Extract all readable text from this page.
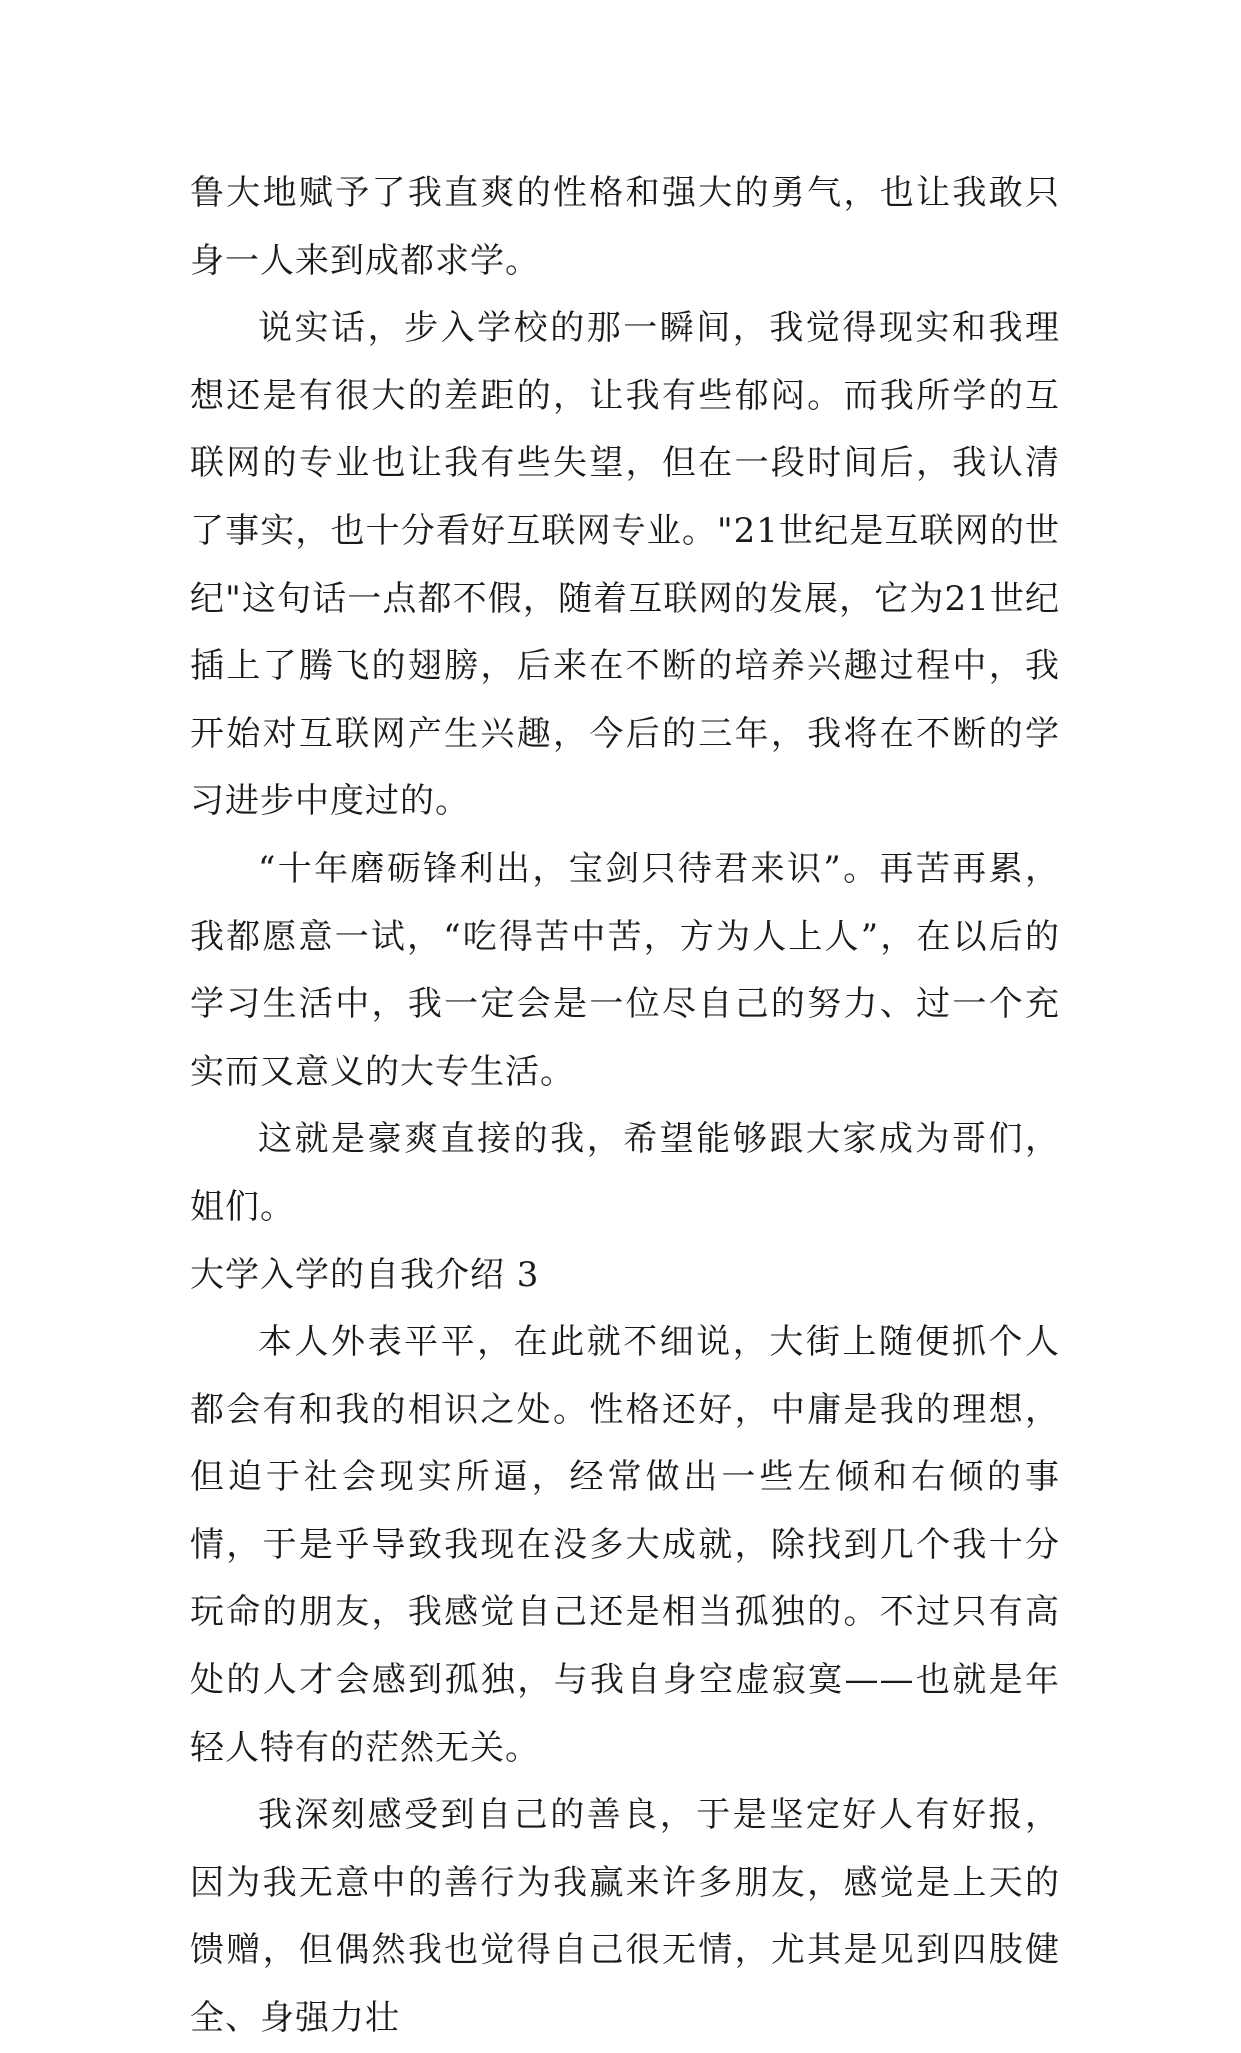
鲁大地赋予了我直爽的性格和强大的勇气，也让我敢只身一人来到成都求学。

说实话，步入学校的那一瞬间，我觉得现实和我理想还是有很大的差距的，让我有些郁闷。而我所学的互联网的专业也让我有些失望，但在一段时间后，我认清了事实，也十分看好互联网专业。"21世纪是互联网的世纪"这句话一点都不假，随着互联网的发展，它为21世纪插上了腾飞的翅膀，后来在不断的培养兴趣过程中，我开始对互联网产生兴趣，今后的三年，我将在不断的学习进步中度过的。

“十年磨砺锋利出，宝剑只待君来识”。再苦再累，我都愿意一试，“吃得苦中苦，方为人上人”，在以后的学习生活中，我一定会是一位尽自己的努力、过一个充实而又意义的大专生活。

这就是豪爽直接的我，希望能够跟大家成为哥们，姐们。

大学入学的自我介绍 3

本人外表平平，在此就不细说，大街上随便抓个人都会有和我的相识之处。性格还好，中庸是我的理想，但迫于社会现实所逼，经常做出一些左倾和右倾的事情，于是乎导致我现在没多大成就，除找到几个我十分玩命的朋友，我感觉自己还是相当孤独的。不过只有高处的人才会感到孤独，与我自身空虚寂寞——也就是年轻人特有的茫然无关。

我深刻感受到自己的善良，于是坚定好人有好报，因为我无意中的善行为我赢来许多朋友，感觉是上天的馈赠，但偶然我也觉得自己很无情，尤其是见到四肢健全、身强力壮
